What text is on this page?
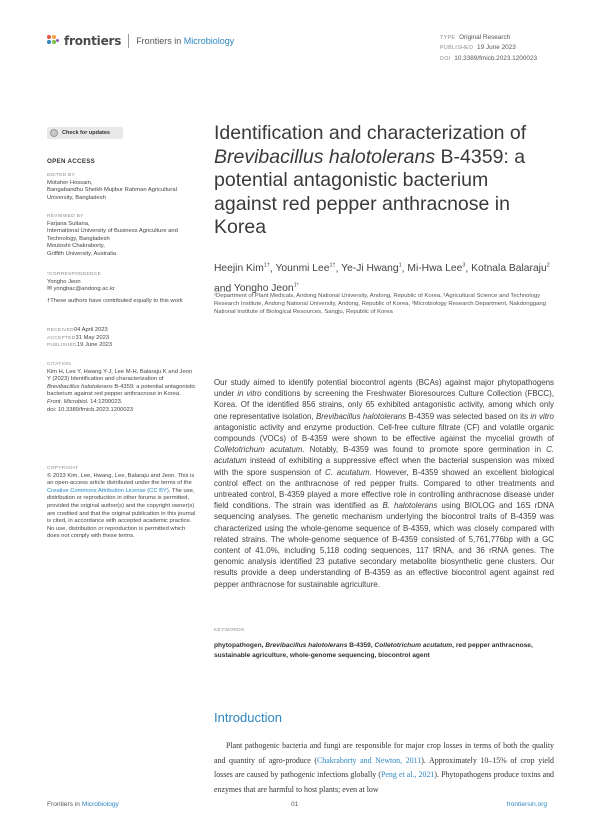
frontiers Frontiers in Microbiology	TYPE Original Research
PUBLISHED 19 June 2023
DOI 10.3389/fmicb.2023.1200023
Check for updates

OPEN ACCESS

EDITED BY

Motaher Hossain,
Bangabandhu Sheikh Mujibur Rahman Agricultural University, Bangladesh

REVIEWED BY

Farjana Sultana,
International University of Business Agriculture and Technology, Bangladesh

Moutoshi Chakraborty,
Griffith University, Australia

*CORRESPONDENCE

Yongho Jeon

✉ yongbac@andong.ac.kr

†These authors have contributed equally to this work

RECEIVED04 April 2023

ACCEPTED31 May 2023

PUBLISHED19 June 2023

CITATION

Kim H, Lee Y, Hwang Y-J, Lee M-H, Balaraju K and Jeon Y (2023) Identification and characterization of Brevibacillus halotolerans B-4359: a potential antagonistic bacterium against red pepper anthracnose in Korea.
Front. Microbiol. 14:1200023.
doi: 10.3389/fmicb.2023.1200023

COPYRIGHT

© 2023 Kim, Lee, Hwang, Lee, Balaraju and Jeon. This is an open-access article distributed under the terms of the Creative Commons Attribution License (CC BY). The use, distribution or reproduction in other forums is permitted, provided the original author(s) and the copyright owner(s) are credited and that the original publication in this journal is cited, in accordance with accepted academic practice. No use, distribution or reproduction is permitted which does not comply with these terms.

Identification and characterization of Brevibacillus halotolerans B-4359: a potential antagonistic bacterium against red pepper anthracnose in Korea
Heejin Kim$^{1\dagger}$, Younmi Lee$^{1\dagger}$, Ye-Ji Hwang$^1$, Mi-Hwa Lee$^3$, Kotnala Balaraju$^2$ and Yongho Jeon$^{1*}$
¹Department of Plant Medicals, Andong National University, Andong, Republic of Korea, ²Agricultural Science and Technology Research Institute, Andong National University, Andong, Republic of Korea, ³Microbiology Research Department, Nakdonggang National Institute of Biological Resources, Sangju, Republic of Korea
Our study aimed to identify potential biocontrol agents (BCAs) against major phytopathogens under in vitro conditions by screening the Freshwater Bioresources Culture Collection (FBCC), Korea. Of the identified 856 strains, only 65 exhibited antagonistic activity, among which only one representative isolation, Brevibacillus halotolerans B-4359 was selected based on its in vitro antagonistic activity and enzyme production. Cell-free culture filtrate (CF) and volatile organic compounds (VOCs) of B-4359 were shown to be effective against the mycelial growth of Colletotrichum acutatum. Notably, B-4359 was found to promote spore germination in C. acutatum instead of exhibiting a suppressive effect when the bacterial suspension was mixed with the spore suspension of C. acutatum. However, B-4359 showed an excellent biological control effect on the anthracnose of red pepper fruits. Compared to other treatments and untreated control, B-4359 played a more effective role in controlling anthracnose disease under field conditions. The strain was identified as B. halotolerans using BIOLOG and 16S rDNA sequencing analyses. The genetic mechanism underlying the biocontrol traits of B-4359 was characterized using the whole-genome sequence of B-4359, which was closely compared with related strains. The whole-genome sequence of B-4359 consisted of 5,761,776bp with a GC content of 41.0%, including 5,118 coding sequences, 117 tRNA, and 36 rRNA genes. The genomic analysis identified 23 putative secondary metabolite biosynthetic gene clusters. Our results provide a deep understanding of B-4359 as an effective biocontrol agent against red pepper anthracnose for sustainable agriculture.
KEYWORDS
phytopathogen, Brevibacillus halotolerans B-4359, Colletotrichum acutatum, red pepper anthracnose, sustainable agriculture, whole-genome sequencing, biocontrol agent
Introduction
Plant pathogenic bacteria and fungi are responsible for major crop losses in terms of both the quality and quantity of agro-produce (Chakraborty and Newton, 2011). Approximately 10–15% of crop yield losses are caused by pathogenic infections globally (Peng et al., 2021). Phytopathogens produce toxins and enzymes that are harmful to host plants; even at low
Frontiers in Microbiology	01	frontiersin.org
